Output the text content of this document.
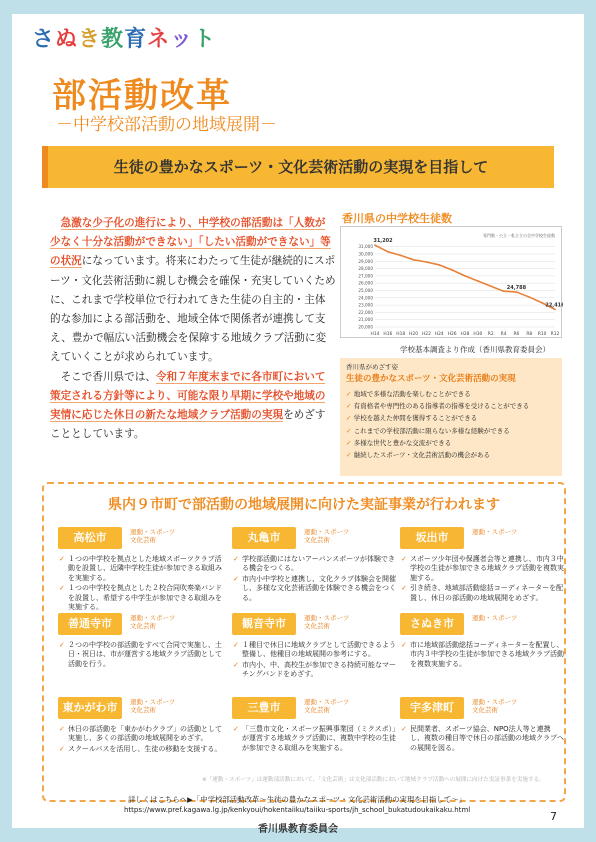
さぬき教育ネット
部活動改革
－中学校部活動の地域展開－
生徒の豊かなスポーツ・文化芸術活動の実現を目指して

急激な少子化の進行により、中学校の部活動は「人数が少なく十分な活動ができない」「したい活動ができない」等の状況になっています。将来にわたって生徒が継続的にスポーツ・文化芸術活動に親しむ機会を確保・充実していくために、これまで学校単位で行われてきた生徒の自主的・主体的な参加による部活動を、地域全体で関係者が連携して支え、豊かで幅広い活動機会を保障する地域クラブ活動に変えていくことが求められています。

そこで香川県では、令和７年度末までに各市町において策定される方針等により、可能な限り早期に学校や地域の実情に応じた休日の新たな地域クラブ活動の実現をめざすこととしています。

香川県の中学校生徒数
専門数・公立・私立立の全中学校生徒数
31,000
30,000
29,000
28,000
27,000
26,000
25,000
24,000
23,000
22,000
21,000
20,000
H14 H16 H18 H20 H22 H24 H26 H28 H30 R2 R4 R6 R8 R10 R12
31,202
24,788
22,416
学校基本調査より作成（香川県教育委員会）
香川県がめざす姿
生徒の豊かなスポーツ・文化芸術活動の実現
✓ 地域で多様な活動を楽しむことができる
✓ 有資格者や専門性のある指導者の指導を受けることができる
✓ 学校を越えた仲間を獲得することができる
✓ これまでの学校部活動に限らない多様な経験ができる
✓ 多様な世代と豊かな交流ができる
✓ 継続したスポーツ・文化芸術活動の機会がある
県内９市町で部活動の地域展開に向けた実証事業が行われます
高松市	運動・スポーツ
文化芸術
✓ １つの中学校を拠点とした地域スポーツクラブ活動を設置し、近隣中学校生徒が参加できる取組みを実施する。
✓ １つの中学校を拠点とした２校合同吹奏楽バンドを設置し、希望する中学生が参加できる取組みを実施する。
丸亀市	運動・スポーツ
文化芸術
✓ 学校部活動にはないアーバンスポーツが体験できる機会をつくる。
✓ 市内小中学校と連携し、文化クラブ体験会を開催し、多様な文化芸術活動を体験できる機会をつくる。
坂出市	運動・スポーツ
✓ スポーツ少年団や保護者会等と連携し、市内３中学校の生徒が参加できる地域クラブ活動を複数実施する。
✓ 引き続き、地域部活動総括コーディネーターを配置し、休日の部活動の地域展開をめざす。
善通寺市	運動・スポーツ
文化芸術
✓ ２つの中学校の部活動をすべて合同で実施し、土日・祝日は、市が運営する地域クラブ活動として活動を行う。
観音寺市	運動・スポーツ
文化芸術
✓ １種目で休日に地域クラブとして活動できるよう整備し、他種目の地域展開の参考にする。
✓ 市内小、中、高校生が参加できる持続可能なマーチングバンドをめざす。
さぬき市	運動・スポーツ
✓ 市に地域部活動総括コーディネーターを配置し、市内３中学校の生徒が参加できる地域クラブ活動を複数実施する。
東かがわ市 運動・スポーツ
文化芸術
✓ 休日の部活動を「東かがわクラブ」の活動として実施し、多くの部活動の地域展開をめざす。
✓ スクールバスを活用し、生徒の移動を支援する。
三豊市	運動・スポーツ
文化芸術
✓ 「三豊市文化・スポーツ振興事業団（ミクスポ）」が運営する地域クラブ活動に、複数中学校の生徒が参加できる取組みを実施する。
宇多津町	運動・スポーツ
文化芸術
✓ 民間業者、スポーツ協会、NPO法人等と連携し、複数の種目等で休日の部活動の地域クラブへの展開を図る。
※「運動・スポーツ」は運動部活動において、「文化芸術」は文化部活動において地域クラブ活動への展開に向けた実証事業を実施する。
詳しくはこちらへ▶「中学校部活動改革～生徒の豊かなスポーツ・文化芸術活動の実現を目指して～」
https://www.pref.kagawa.lg.jp/kenkyoui/hokentaiiku/taiiku-sports/jh_school_bukatudoukaikaku.html	7
香川県教育委員会
